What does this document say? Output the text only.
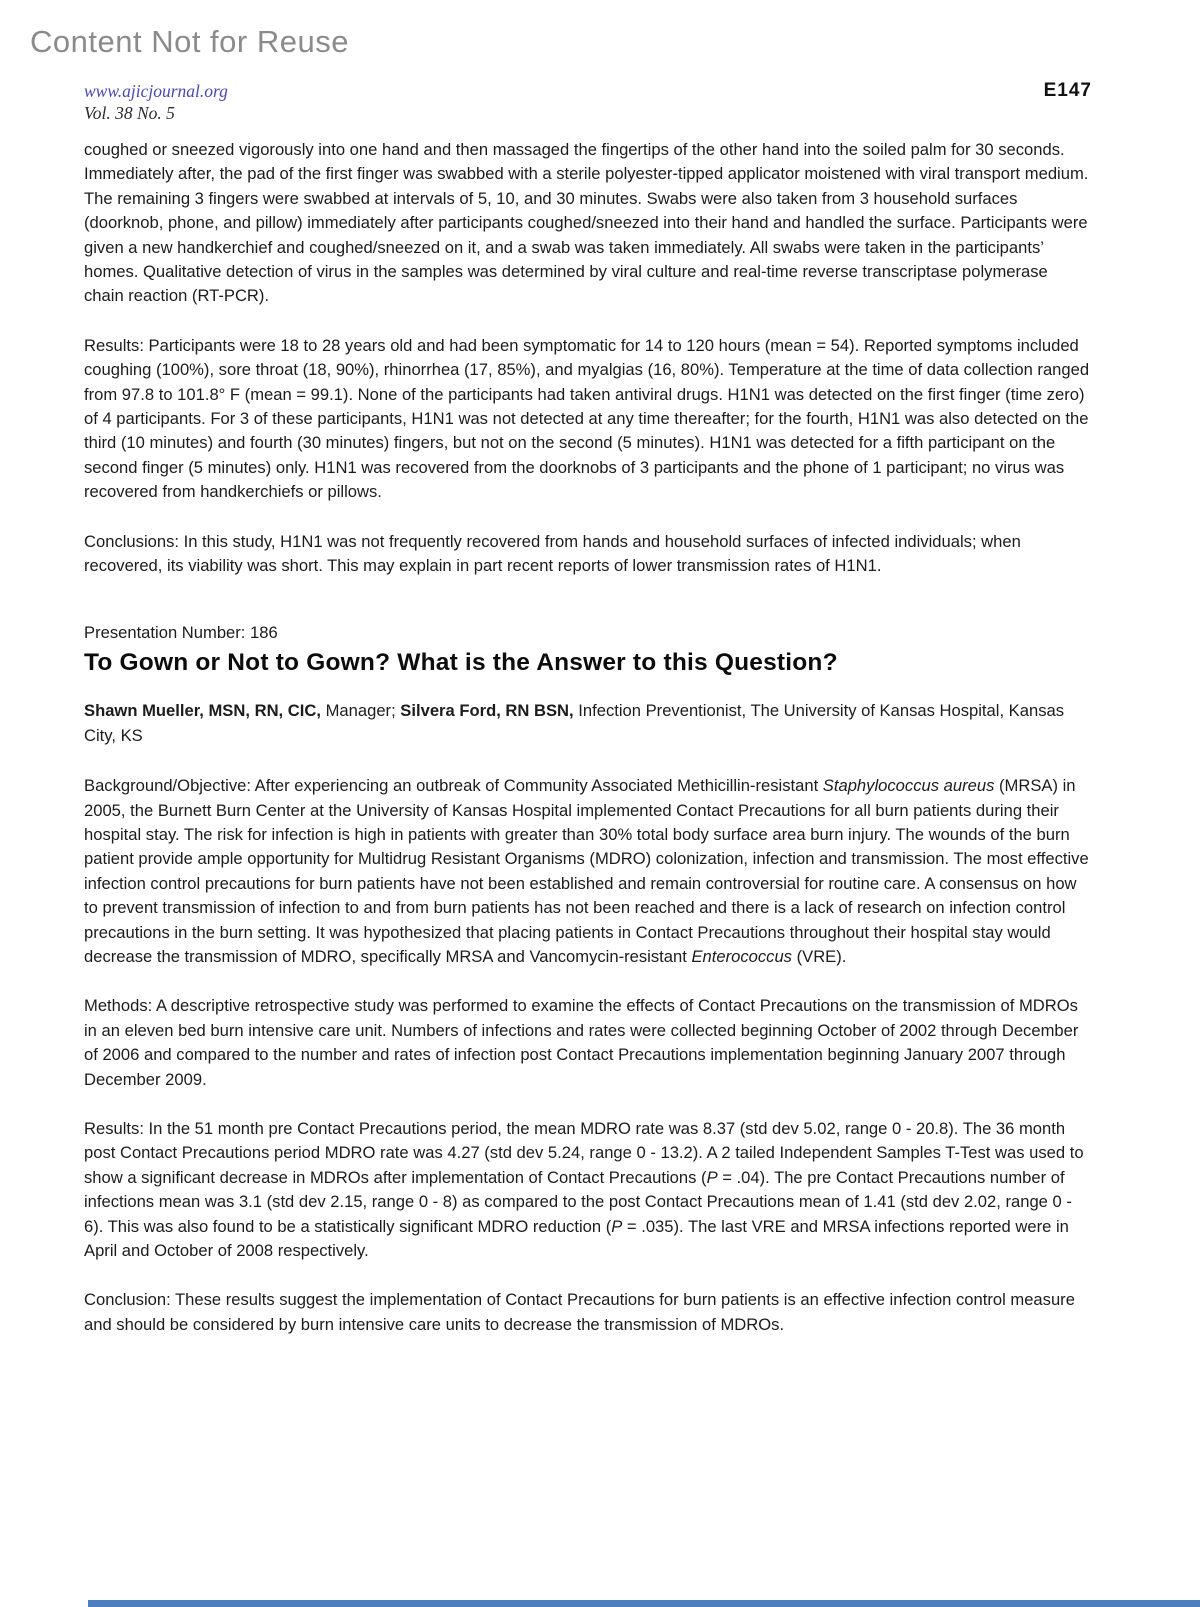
Content Not for Reuse
www.ajicjournal.org
Vol. 38 No. 5
E147

coughed or sneezed vigorously into one hand and then massaged the fingertips of the other hand into the soiled palm for 30 seconds. Immediately after, the pad of the first finger was swabbed with a sterile polyester-tipped applicator moistened with viral transport medium. The remaining 3 fingers were swabbed at intervals of 5, 10, and 30 minutes. Swabs were also taken from 3 household surfaces (doorknob, phone, and pillow) immediately after participants coughed/sneezed into their hand and handled the surface. Participants were given a new handkerchief and coughed/sneezed on it, and a swab was taken immediately. All swabs were taken in the participants’ homes. Qualitative detection of virus in the samples was determined by viral culture and real-time reverse transcriptase polymerase chain reaction (RT-PCR).

Results: Participants were 18 to 28 years old and had been symptomatic for 14 to 120 hours (mean = 54). Reported symptoms included coughing (100%), sore throat (18, 90%), rhinorrhea (17, 85%), and myalgias (16, 80%). Temperature at the time of data collection ranged from 97.8 to 101.8° F (mean = 99.1). None of the participants had taken antiviral drugs. H1N1 was detected on the first finger (time zero) of 4 participants. For 3 of these participants, H1N1 was not detected at any time thereafter; for the fourth, H1N1 was also detected on the third (10 minutes) and fourth (30 minutes) fingers, but not on the second (5 minutes). H1N1 was detected for a fifth participant on the second finger (5 minutes) only. H1N1 was recovered from the doorknobs of 3 participants and the phone of 1 participant; no virus was recovered from handkerchiefs or pillows.

Conclusions: In this study, H1N1 was not frequently recovered from hands and household surfaces of infected individuals; when recovered, its viability was short. This may explain in part recent reports of lower transmission rates of H1N1.

Presentation Number: 186

To Gown or Not to Gown? What is the Answer to this Question?

Shawn Mueller, MSN, RN, CIC, Manager; Silvera Ford, RN BSN, Infection Preventionist, The University of Kansas Hospital, Kansas City, KS

Background/Objective: After experiencing an outbreak of Community Associated Methicillin-resistant Staphylococcus aureus (MRSA) in 2005, the Burnett Burn Center at the University of Kansas Hospital implemented Contact Precautions for all burn patients during their hospital stay. The risk for infection is high in patients with greater than 30% total body surface area burn injury. The wounds of the burn patient provide ample opportunity for Multidrug Resistant Organisms (MDRO) colonization, infection and transmission. The most effective infection control precautions for burn patients have not been established and remain controversial for routine care. A consensus on how to prevent transmission of infection to and from burn patients has not been reached and there is a lack of research on infection control precautions in the burn setting. It was hypothesized that placing patients in Contact Precautions throughout their hospital stay would decrease the transmission of MDRO, specifically MRSA and Vancomycin-resistant Enterococcus (VRE).

Methods: A descriptive retrospective study was performed to examine the effects of Contact Precautions on the transmission of MDROs in an eleven bed burn intensive care unit. Numbers of infections and rates were collected beginning October of 2002 through December of 2006 and compared to the number and rates of infection post Contact Precautions implementation beginning January 2007 through December 2009.

Results: In the 51 month pre Contact Precautions period, the mean MDRO rate was 8.37 (std dev 5.02, range 0 - 20.8). The 36 month post Contact Precautions period MDRO rate was 4.27 (std dev 5.24, range 0 - 13.2). A 2 tailed Independent Samples T-Test was used to show a significant decrease in MDROs after implementation of Contact Precautions (P = .04). The pre Contact Precautions number of infections mean was 3.1 (std dev 2.15, range 0 - 8) as compared to the post Contact Precautions mean of 1.41 (std dev 2.02, range 0 - 6). This was also found to be a statistically significant MDRO reduction (P = .035). The last VRE and MRSA infections reported were in April and October of 2008 respectively.

Conclusion: These results suggest the implementation of Contact Precautions for burn patients is an effective infection control measure and should be considered by burn intensive care units to decrease the transmission of MDROs.
